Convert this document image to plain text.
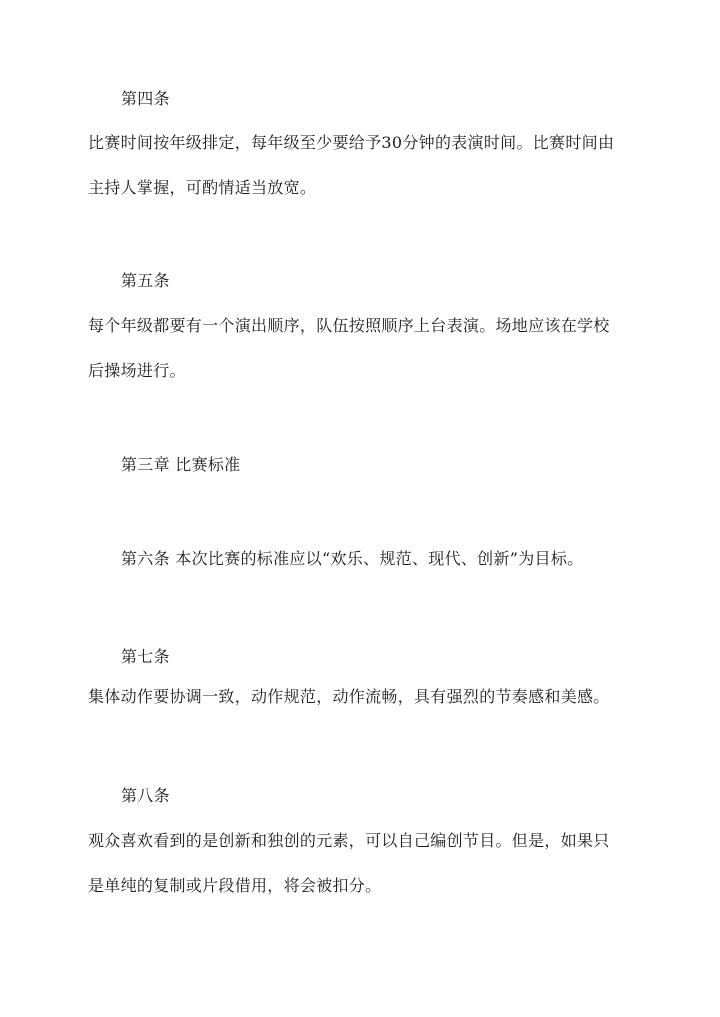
第四条
比赛时间按年级排定，每年级至少要给予30分钟的表演时间。比赛时间由
主持人掌握，可酌情适当放宽。
第五条
每个年级都要有一个演出顺序，队伍按照顺序上台表演。场地应该在学校
后操场进行。
第三章 比赛标准
第六条 本次比赛的标准应以“欢乐、规范、现代、创新”为目标。
第七条
集体动作要协调一致，动作规范，动作流畅，具有强烈的节奏感和美感。
第八条
观众喜欢看到的是创新和独创的元素，可以自己编创节目。但是，如果只
是单纯的复制或片段借用，将会被扣分。
